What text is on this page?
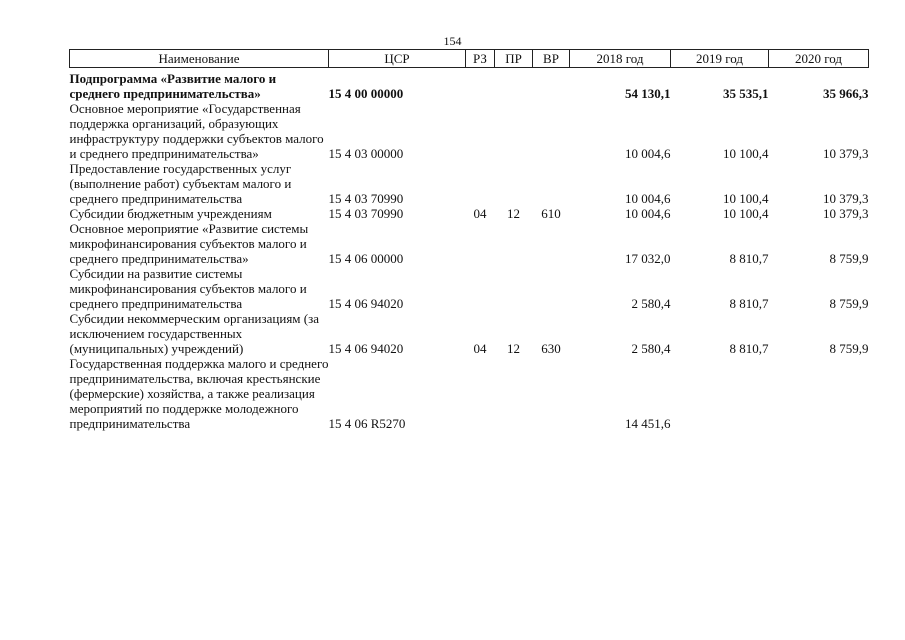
154
Наименование	ЦСР	РЗ	ПР	ВР	2018 год	2019 год	2020 год
Подпрограмма «Развитие малого и среднего предпринимательства»	15 4 00 00000				54 130,1	35 535,1	35 966,3
Основное мероприятие «Государственная поддержка организаций, образующих инфраструктуру поддержки субъектов малого и среднего предпринимательства»	15 4 03 00000				10 004,6	10 100,4	10 379,3
Предоставление государственных услуг (выполнение работ) субъектам малого и среднего предпринимательства	15 4 03 70990				10 004,6	10 100,4	10 379,3
Субсидии бюджетным учреждениям	15 4 03 70990	04	12	610	10 004,6	10 100,4	10 379,3
Основное мероприятие «Развитие системы микрофинансирования субъектов малого и среднего предпринимательства»	15 4 06 00000				17 032,0	8 810,7	8 759,9
Субсидии на развитие системы микрофинансирования субъектов малого и среднего предпринимательства	15 4 06 94020				2 580,4	8 810,7	8 759,9
Субсидии некоммерческим организациям (за исключением государственных (муниципальных) учреждений)	15 4 06 94020	04	12	630	2 580,4	8 810,7	8 759,9
Государственная поддержка малого и среднего предпринимательства, включая крестьянские (фермерские) хозяйства, а также реализация мероприятий по поддержке молодежного предпринимательства	15 4 06 R5270				14 451,6		
